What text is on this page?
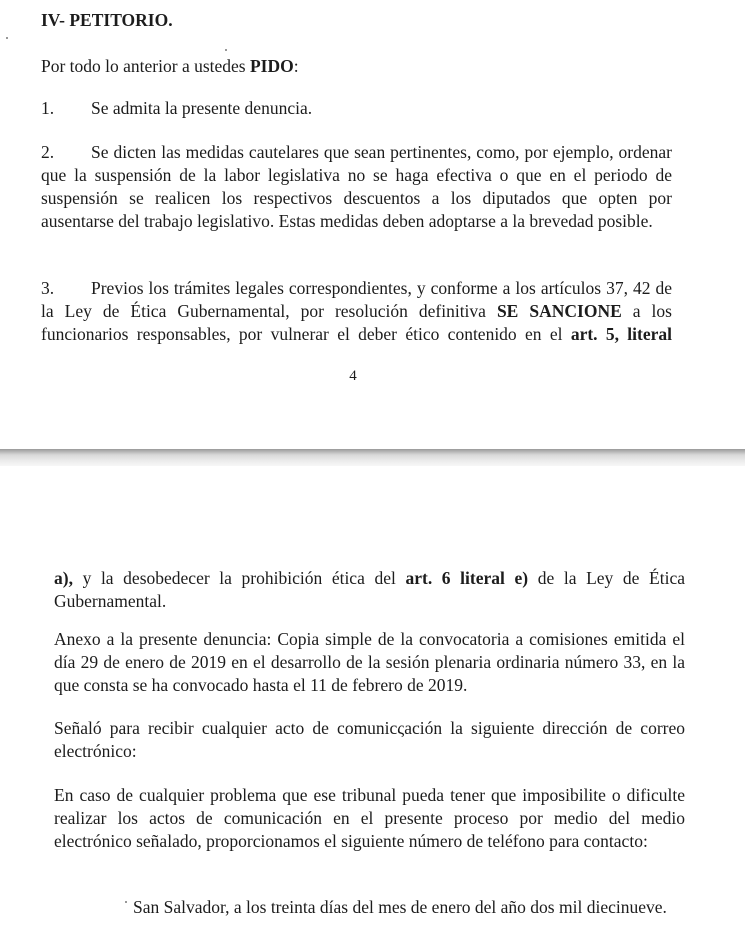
IV- PETITORIO.

Por todo lo anterior a ustedes PIDO:

1. Se admita la presente denuncia.

2. Se dicten las medidas cautelares que sean pertinentes, como, por ejemplo, ordenar que la suspensión de la labor legislativa no se haga efectiva o que en el periodo de suspensión se realicen los respectivos descuentos a los diputados que opten por ausentarse del trabajo legislativo. Estas medidas deben adoptarse a la brevedad posible.

3. Previos los trámites legales correspondientes, y conforme a los artículos 37, 42 de la Ley de Ética Gubernamental, por resolución definitiva SE SANCIONE a los funcionarios responsables, por vulnerar el deber ético contenido en el art. 5, literal

4

a), y la desobedecer la prohibición ética del art. 6 literal e) de la Ley de Ética Gubernamental.

Anexo a la presente denuncia: Copia simple de la convocatoria a comisiones emitida el día 29 de enero de 2019 en el desarrollo de la sesión plenaria ordinaria número 33, en la que consta se ha convocado hasta el 11 de febrero de 2019.

Señaló para recibir cualquier acto de comunicςación la siguiente dirección de correo electrónico:

En caso de cualquier problema que ese tribunal pueda tener que imposibilite o dificulte realizar los actos de comunicación en el presente proceso por medio del medio electrónico señalado, proporcionamos el siguiente número de teléfono para contacto:

San Salvador, a los treinta días del mes de enero del año dos mil diecinueve.
